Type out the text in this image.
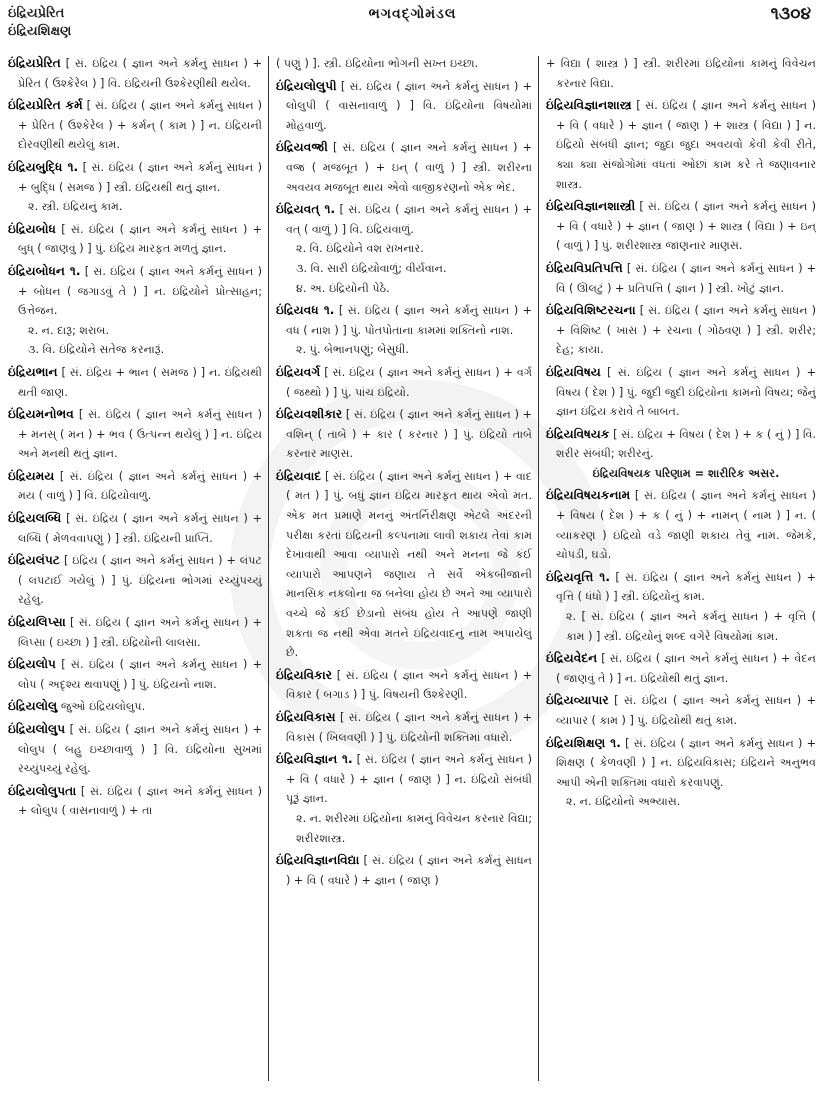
ઇંદ્રિયપ્રેરિત
ઇંદ્રિયશિક્ષણ
ભગવદ્ગોમંડલ	૧૩૦૪
ઇંદ્રિયપ્રેરિત [ સં. ઇંદ્રિય ( જ્ઞાન અને કર્મનું સાધન ) + પ્રેરિત ( ઉશ્કેરેલ ) ] વિ. ઇંદ્રિયની ઉશ્કેરણીથી થયેલ.
ઇંદ્રિયપ્રેરિત કર્મ [ સં. ઇંદ્રિય ( જ્ઞાન અને કર્મનું સાધન ) + પ્રેરિત ( ઉશ્કેરેલ ) + કર્મન્ ( કામ ) ] ન. ઇંદ્રિયની દોરવણીથી થયેલું કામ.
ઇંદ્રિયબુદ્ધિ ૧. [ સં. ઇંદ્રિય ( જ્ઞાન અને કર્મનું સાધન ) + બુદ્ધિ ( સમજ ) ] સ્ત્રી. ઇંદ્રિયથી થતું જ્ઞાન.
૨. સ્ત્રી. ઇંદ્રિયનું કામ.
ઇંદ્રિયબોધ [ સં. ઇંદ્રિય ( જ્ઞાન અને કર્મનું સાધન ) + બુધ્ ( જાણવું ) ] પું. ઇંદ્રિય મારફત મળતું જ્ઞાન.
ઇંદ્રિયબોધન ૧. [ સં. ઇંદ્રિય ( જ્ઞાન અને કર્મનું સાધન ) + બોધન ( જગાડવું તે ) ] ન. ઇંદ્રિયોને પ્રોત્સાહન; ઉત્તેજન.
૨. ન. દારૂ; શરાબ.
૩. વિ. ઇંદ્રિયોને સતેજ કરનારૂં.
ઇંદ્રિયભાન [ સં. ઇંદ્રિય + ભાન ( સમજ ) ] ન. ઇંદ્રિયથી થતી જાણ.
ઇંદ્રિયમનોભવ [ સં. ઇંદ્રિય ( જ્ઞાન અને કર્મનું સાધન ) + મનસ્ ( મન ) + ભવ ( ઉત્પન્ન થયેલું ) ] ન. ઇંદ્રિય અને મનથી થતું જ્ઞાન.
ઇંદ્રિયમય [ સં. ઇંદ્રિય ( જ્ઞાન અને કર્મનું સાધન ) + મય ( વાળું ) ] વિ. ઇંદ્રિયોવાળું.
ઇંદ્રિયલબ્ધિ [ સં. ઇંદ્રિય ( જ્ઞાન અને કર્મનું સાધન ) + લબ્ધિ ( મેળવવાપણું ) ] સ્ત્રી. ઇંદ્રિયની પ્રાપ્તિ.
ઇંદ્રિયલંપટ [ ઇંદ્રિય ( જ્ઞાન અને કર્મનું સાધન ) + લંપટ ( લપટાઈ ગયેલું ) ] પું. ઇંદ્રિયના ભોગમાં રચ્યુંપચ્યું રહેલું.
ઇંદ્રિયલિપ્સા [ સં. ઇંદ્રિય ( જ્ઞાન અને કર્મનું સાધન ) + લિપ્સા ( ઇચ્છા ) ] સ્ત્રી. ઇંદ્રિયોની લાલસા.
ઇંદ્રિયલોપ [ સં. ઇંદ્રિય ( જ્ઞાન અને કર્મનું સાધન ) + લોપ ( અદૃશ્ય થવાપણું ) ] પું. ઇંદ્રિયનો નાશ.
ઇંદ્રિયલોલુ જુઓ ઇંદ્રિયલોલુપ.
ઇંદ્રિયલોલુપ [ સં. ઇંદ્રિય ( જ્ઞાન અને કર્મનું સાધન ) + લોલુપ ( બહુ ઇચ્છાવાળું ) ] વિ. ઇંદ્રિયોના સુખમાં રચ્યુંપચ્યું રહેલું.
ઇંદ્રિયલોલુપતા [ સં. ઇંદ્રિય ( જ્ઞાન અને કર્મનું સાધન ) + લોલુપ ( વાસનાવાળું ) + તા
( પણું ) ]. સ્ત્રી. ઇંદ્રિયોના ભોગની સખ્ત ઇચ્છા.
ઇંદ્રિયલોલુપી [ સં. ઇંદ્રિય ( જ્ઞાન અને કર્મનું સાધન ) + લોલુપી ( વાસનાવાળું ) ] વિ. ઇંદ્રિયોના વિષયોમાં મોહવાળું.
ઇંદ્રિયવજ્રી [ સં. ઇંદ્રિય ( જ્ઞાન અને કર્મનું સાધન ) + વજ્ર ( મજબૂત ) + ઇન્ ( વાળું ) ] સ્ત્રી. શરીરના અવયવ મજબૂત થાય એવો વાજીકરણનો એક ભેદ.
ઇંદ્રિયવત્ ૧. [ સં. ઇંદ્રિય ( જ્ઞાન અને કર્મનું સાધન ) + વત્ ( વાળું ) ] વિ. ઇંદ્રિયવાળું.
૨. વિ. ઇંદ્રિયોને વશ રાખનાર.
૩. વિ. સારી ઇંદ્રિયોવાળું; વીર્યવાન.
૪. અ. ઇંદ્રિયોની પેઠે.
ઇંદ્રિયવધ ૧. [ સં. ઇંદ્રિય ( જ્ઞાન અને કર્મનું સાધન ) + વધ ( નાશ ) ] પું. પોતપોતાના કામમાં શક્તિનો નાશ.
૨. પું. બેભાનપણું; બેસુધી.
ઇંદ્રિયવર્ગ [ સં. ઇંદ્રિય ( જ્ઞાન અને કર્મનું સાધન ) + વર્ગ ( જથ્થો ) ] પું. પાંચ ઇંદ્રિયો.
ઇંદ્રિયવશીકાર [ સં. ઇંદ્રિય ( જ્ઞાન અને કર્મનું સાધન ) + વશિન્ ( તાબે ) + કાર ( કરનાર ) ] પું. ઇંદ્રિયો તાબે કરનાર માણસ.
ઇંદ્રિયવાદ [ સં. ઇંદ્રિય ( જ્ઞાન અને કર્મનું સાધન ) + વાદ ( મત ) ] પું. બધું જ્ઞાન ઇંદ્રિય મારફત થાય એવો મત. એક મત પ્રમાણે મનનું અંતર્નિરીક્ષણ એટલે અંદરની પરીક્ષા કરતાં ઇંદ્રિયની કલ્પનામાં લાવી શકાય તેવાં કામ દેખાવાથી આવા વ્યાપારો નથી અને મનના જે કંઈ વ્યાપારો આપણને જણાય તે સર્વે એકબીજાની માનસિક નકલોના જ બનેલા હોય છે અને આ વ્યાપારો વચ્ચે જે કંઈ છેડાનો સંબંધ હોય તે આપણે જાણી શકતા જ નથી એવા મતને ઇંદ્રિયવાદનું નામ અપાયેલું છે.
ઇંદ્રિયવિકાર [ સં. ઇંદ્રિય ( જ્ઞાન અને કર્મનું સાધન ) + વિકાર ( બગાડ ) ] પું. વિષયની ઉશ્કેરણી.
ઇંદ્રિયવિકાસ [ સં. ઇંદ્રિય ( જ્ઞાન અને કર્મનું સાધન ) + વિકાસ ( ખિલવણી ) ] પું. ઇંદ્રિયોની શક્તિમાં વધારો.
ઇંદ્રિયવિજ્ઞાન ૧. [ સં. ઇંદ્રિય ( જ્ઞાન અને કર્મનું સાધન ) + વિ ( વધારે ) + જ્ઞાન ( જાણ ) ] ન. ઇંદ્રિયો સંબંધી પૂરૂં જ્ઞાન.
૨. ન. શરીરમાં ઇંદ્રિયોના કામનું વિવેચન કરનાર વિદ્યા; શરીરશાસ્ત્ર.
ઇંદ્રિયવિજ્ઞાનવિદ્યા [ સં. ઇંદ્રિય ( જ્ઞાન અને કર્મનું સાધન ) + વિ ( વધારે ) + જ્ઞાન ( જાણ )
+ વિદ્યા ( શાસ્ત્ર ) ] સ્ત્રી. શરીરમાં ઇંદ્રિયોનાં કામનું વિવેચન કરનાર વિદ્યા.
ઇંદ્રિયવિજ્ઞાનશાસ્ત્ર [ સં. ઇંદ્રિય ( જ્ઞાન અને કર્મનું સાધન ) + વિ ( વધારે ) + જ્ઞાન ( જાણ ) + શાસ્ત્ર ( વિદ્યા ) ] ન. ઇંદ્રિયો સંબંધી જ્ઞાન; જુદા જુદા અવયવો કેવી કેવી રીતે, ક્યા ક્યા સંજોગોમાં વધતાં ઓછાં કામ કરે તે જણાવનાર શાસ્ત્ર.
ઇંદ્રિયવિજ્ઞાનશાસ્ત્રી [ સં. ઇંદ્રિય ( જ્ઞાન અને કર્મનું સાધન ) + વિ ( વધારે ) + જ્ઞાન ( જાણ ) + શાસ્ત્ર ( વિદ્યા ) + ઇન્ ( વાળું ) ] પું. શરીરશાસ્ત્ર જાણનાર માણસ.
ઇંદ્રિયવિપ્રતિપત્તિ [ સં. ઇંદ્રિય ( જ્ઞાન અને કર્મનું સાધન ) + વિ ( ઊલટું ) + પ્રતિપત્તિ ( જ્ઞાન ) ] સ્ત્રી. ખોટું જ્ઞાન.
ઇંદ્રિયવિશિષ્ટરચના [ સં. ઇંદ્રિય ( જ્ઞાન અને કર્મનું સાધન ) + વિશિષ્ટ ( ખાસ ) + રચના ( ગોઠવણ ) ] સ્ત્રી. શરીર; દેહ; કાયા.
ઇંદ્રિયવિષય [ સં. ઇંદ્રિય ( જ્ઞાન અને કર્મનું સાધન ) + વિષય ( દેશ ) ] પું. જુદી જુદી ઇંદ્રિયોના કામનો વિષય; જેનું જ્ઞાન ઇંદ્રિય કરાવે તે બાબત.
ઇંદ્રિયવિષયક [ સં. ઇંદ્રિય + વિષય ( દેશ ) + ક ( નું ) ] વિ. શરીર સંબંધી; શરીરનું.
ઇંદ્રિયવિષયક પરિણામ = શારીરિક અસર.
ઇંદ્રિયવિષયકનામ [ સં. ઇંદ્રિય ( જ્ઞાન અને કર્મનું સાધન ) + વિષય ( દેશ ) + ક ( નું ) + નામન્ ( નામ ) ] ન. ( વ્યાકરણ ) ઇંદ્રિયો વડે જાણી શકાય તેવું નામ. જેમકે, ચોપડી, ઘડો.
ઇંદ્રિયવૃત્તિ ૧. [ સં. ઇંદ્રિય ( જ્ઞાન અને કર્મનું સાધન ) + વૃત્તિ ( ધંધો ) ] સ્ત્રી. ઇંદ્રિયોનું કામ.
૨. [ સં. ઇંદ્રિય ( જ્ઞાન અને કર્મનું સાધન ) + વૃત્તિ ( કામ ) ] સ્ત્રી. ઇંદ્રિયોનું શબ્દ વગેરે વિષયોમાં કામ.
ઇંદ્રિયવેદન [ સં. ઇંદ્રિય ( જ્ઞાન અને કર્મનું સાધન ) + વેદન ( જાણવું તે ) ] ન. ઇંદ્રિયોથી થતું જ્ઞાન.
ઇંદ્રિયવ્યાપાર [ સં. ઇંદ્રિય ( જ્ઞાન અને કર્મનું સાધન ) + વ્યાપાર ( કામ ) ] પું. ઇંદ્રિયોથી થતું કામ.
ઇંદ્રિયશિક્ષણ ૧. [ સં. ઇંદ્રિય ( જ્ઞાન અને કર્મનું સાધન ) + શિક્ષણ ( કેળવણી ) ] ન. ઇંદ્રિયવિકાસ; ઇંદ્રિયને અનુભવ આપી એની શક્તિમાં વધારો કરવાપણું.
૨. ન. ઇંદ્રિયોનો અભ્યાસ.
